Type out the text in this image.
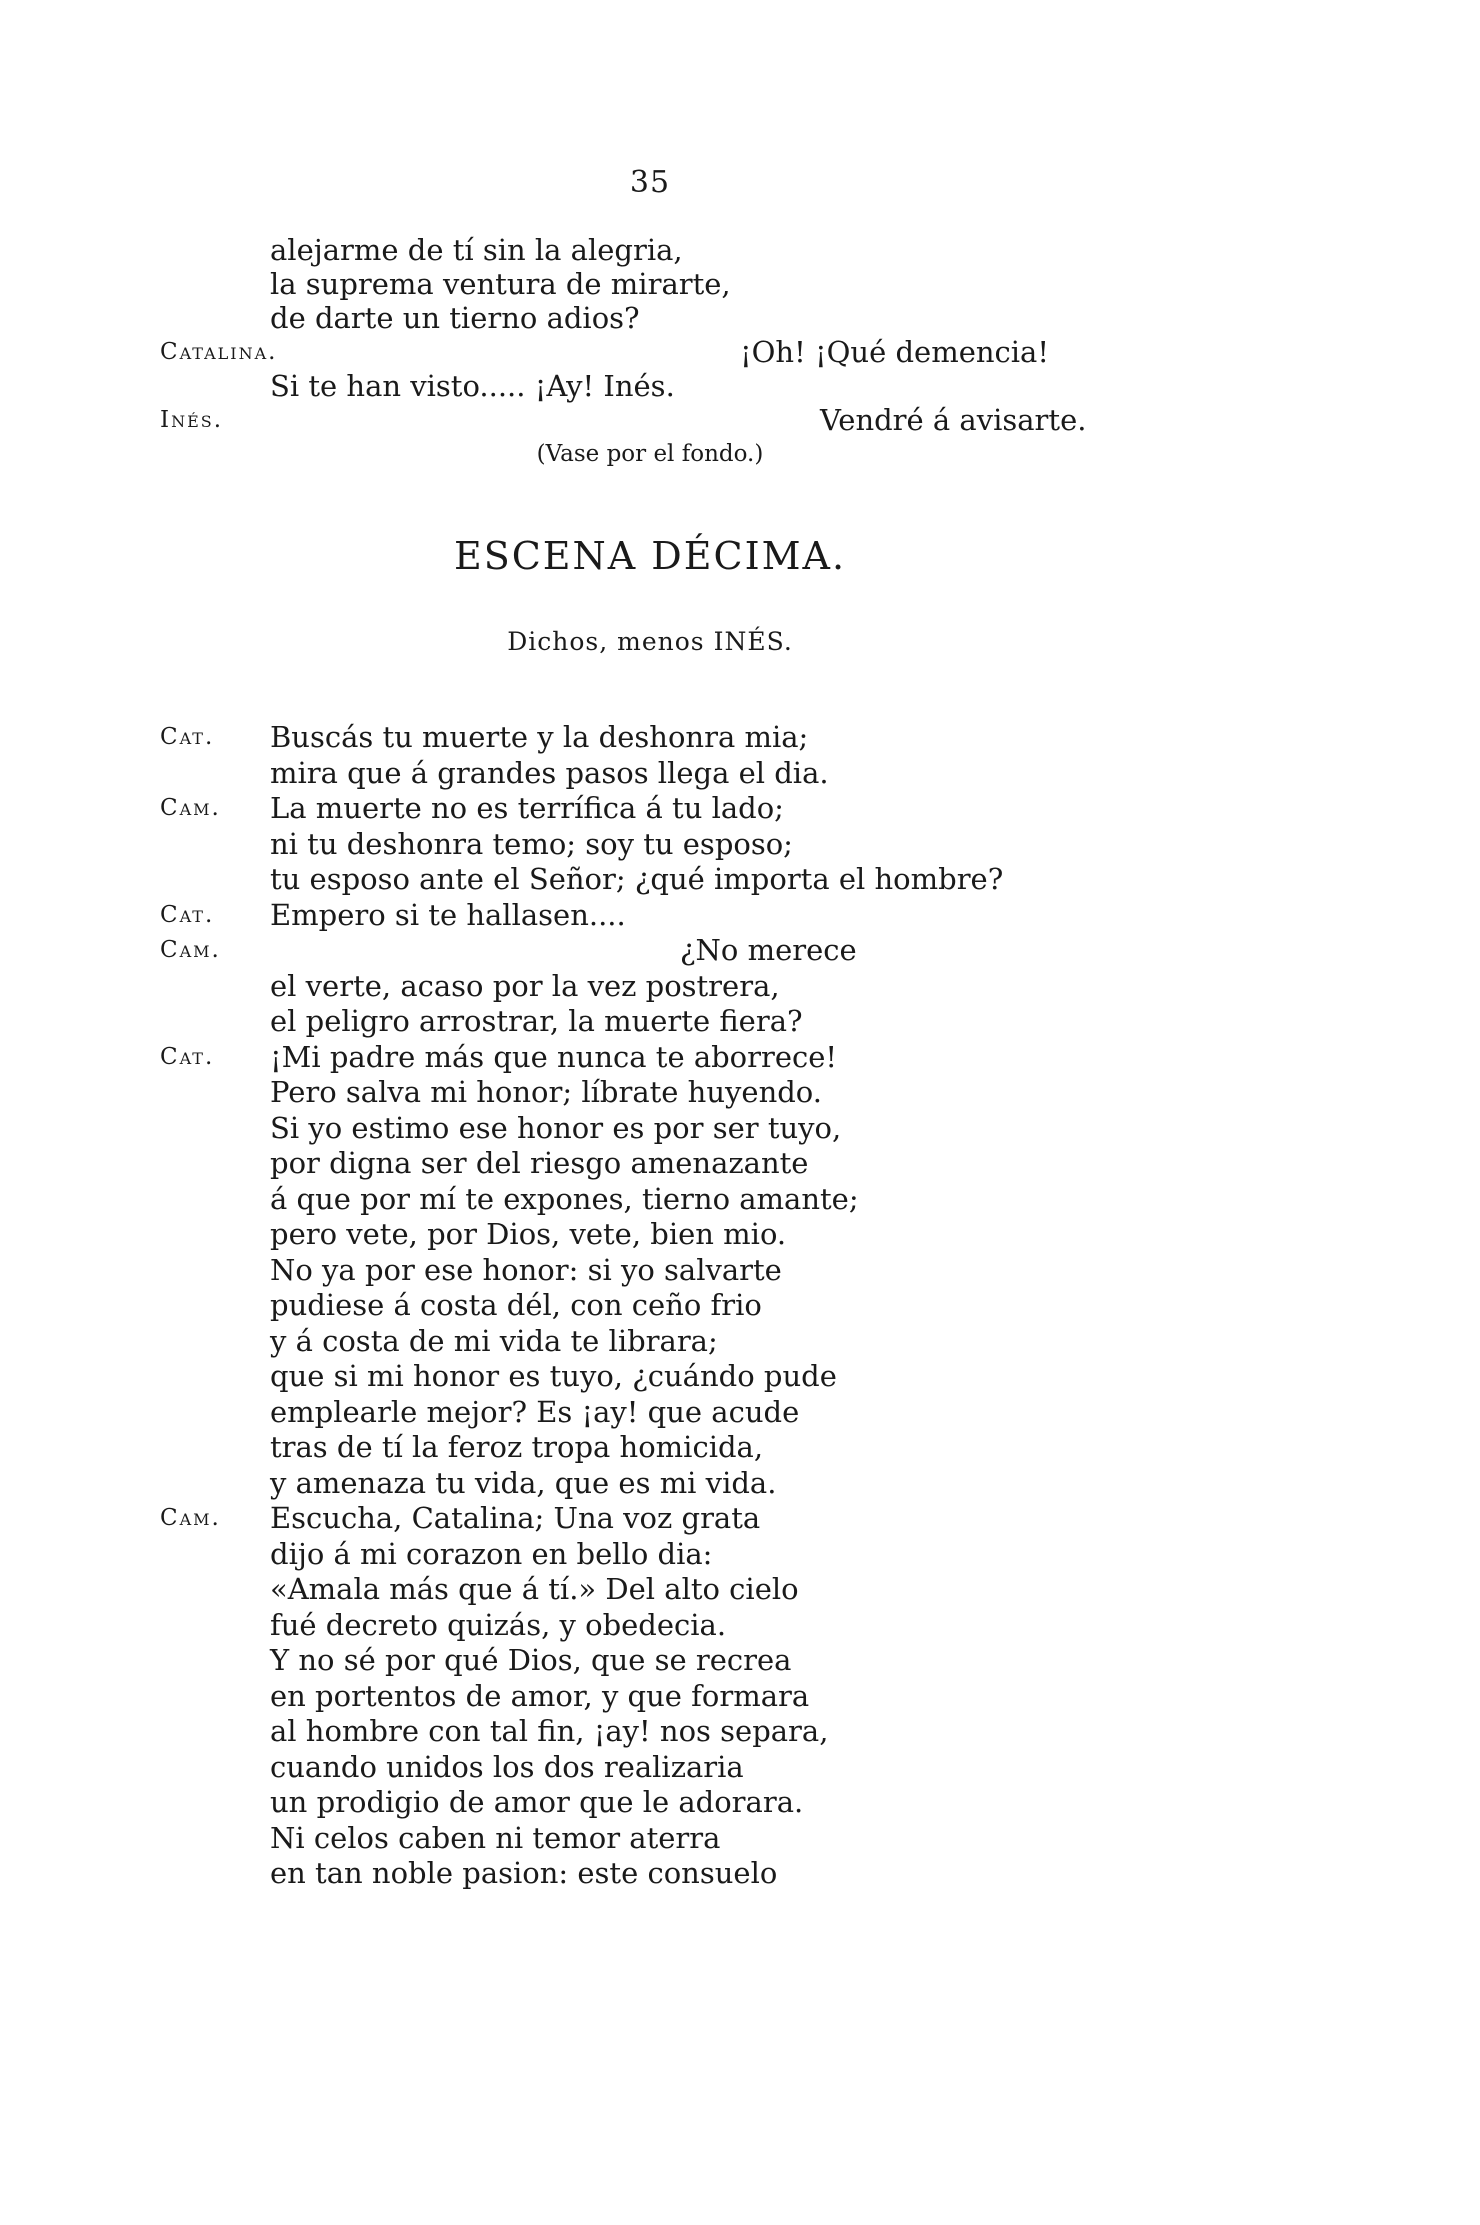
35
alejarme de tí sin la alegria,
la suprema ventura de mirarte,
de darte un tierno adios?
Catalina.	¡Oh! ¡Qué demencia!
Si te han visto..... ¡Ay! Inés.
Inés.	Vendré á avisarte.
(Vase por el fondo.)
ESCENA DÉCIMA.
Dichos, menos INÉS.
Cat. Buscás tu muerte y la deshonra mia;
mira que á grandes pasos llega el dia.
Cam. La muerte no es terrífica á tu lado;
ni tu deshonra temo; soy tu esposo;
tu esposo ante el Señor; ¿qué importa el hombre?
Cat. Empero si te hallasen....
Cam.	¿No merece
el verte, acaso por la vez postrera,
el peligro arrostrar, la muerte fiera?
Cat. ¡Mi padre más que nunca te aborrece!
Pero salva mi honor; líbrate huyendo.
Si yo estimo ese honor es por ser tuyo,
por digna ser del riesgo amenazante
á que por mí te expones, tierno amante;
pero vete, por Dios, vete, bien mio.
No ya por ese honor: si yo salvarte
pudiese á costa dél, con ceño frio
y á costa de mi vida te librara;
que si mi honor es tuyo, ¿cuándo pude
emplearle mejor? Es ¡ay! que acude
tras de tí la feroz tropa homicida,
y amenaza tu vida, que es mi vida.
Cam. Escucha, Catalina; Una voz grata
dijo á mi corazon en bello dia:
«Amala más que á tí.» Del alto cielo
fué decreto quizás, y obedecia.
Y no sé por qué Dios, que se recrea
en portentos de amor, y que formara
al hombre con tal fin, ¡ay! nos separa,
cuando unidos los dos realizaria
un prodigio de amor que le adorara.
Ni celos caben ni temor aterra
en tan noble pasion: este consuelo
